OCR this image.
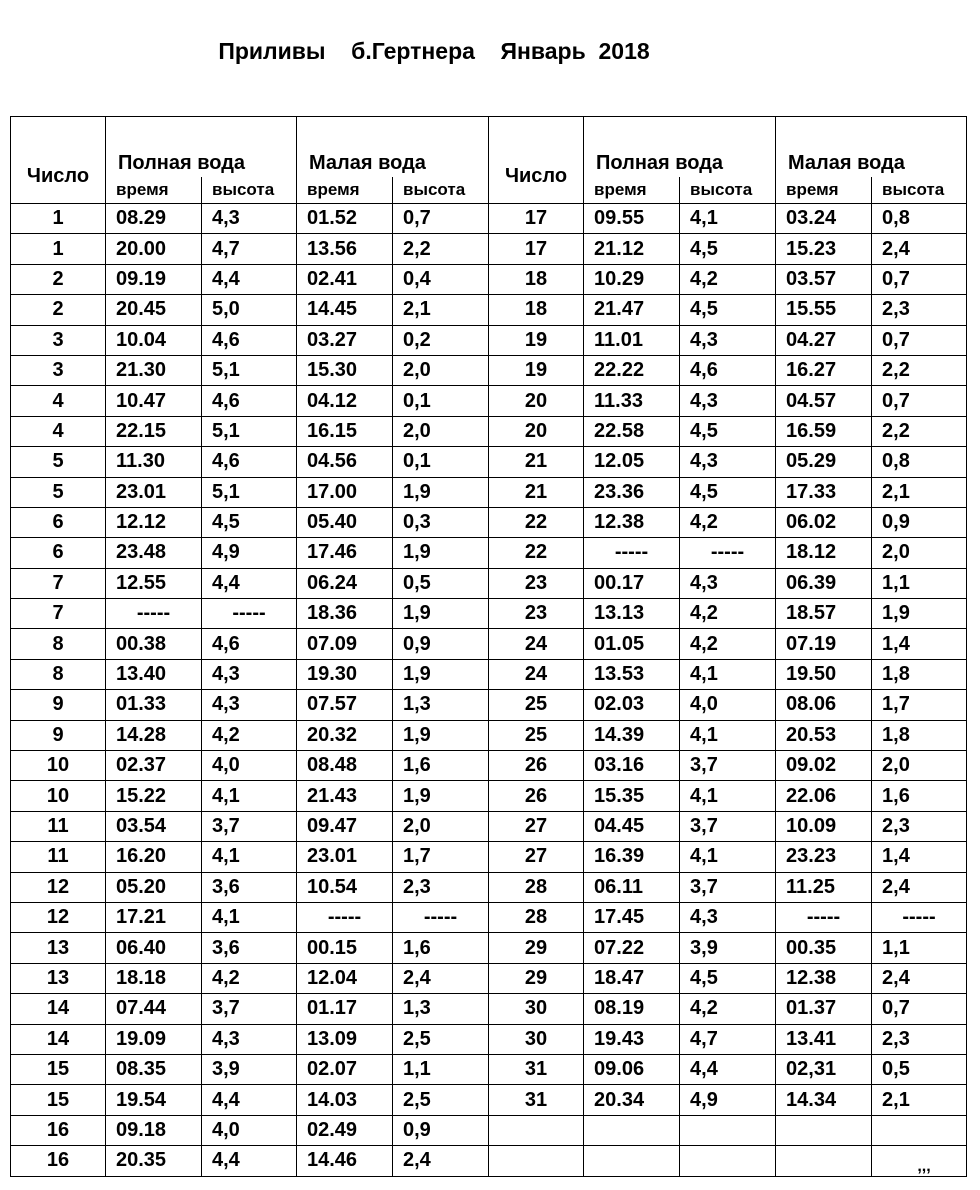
Приливы    б.Гертнера    Январь  2018
Число	Полная вода		Малая вода		Число	Полная вода		Малая вода	
	время	высота	время	высота		время	высота	время	высота
1	08.29	4,3	01.52	0,7	17	09.55	4,1	03.24	0,8
1	20.00	4,7	13.56	2,2	17	21.12	4,5	15.23	2,4
2	09.19	4,4	02.41	0,4	18	10.29	4,2	03.57	0,7
2	20.45	5,0	14.45	2,1	18	21.47	4,5	15.55	2,3
3	10.04	4,6	03.27	0,2	19	11.01	4,3	04.27	0,7
3	21.30	5,1	15.30	2,0	19	22.22	4,6	16.27	2,2
4	10.47	4,6	04.12	0,1	20	11.33	4,3	04.57	0,7
4	22.15	5,1	16.15	2,0	20	22.58	4,5	16.59	2,2
5	11.30	4,6	04.56	0,1	21	12.05	4,3	05.29	0,8
5	23.01	5,1	17.00	1,9	21	23.36	4,5	17.33	2,1
6	12.12	4,5	05.40	0,3	22	12.38	4,2	06.02	0,9
6	23.48	4,9	17.46	1,9	22	-----	-----	18.12	2,0
7	12.55	4,4	06.24	0,5	23	00.17	4,3	06.39	1,1
7	-----	-----	18.36	1,9	23	13.13	4,2	18.57	1,9
8	00.38	4,6	07.09	0,9	24	01.05	4,2	07.19	1,4
8	13.40	4,3	19.30	1,9	24	13.53	4,1	19.50	1,8
9	01.33	4,3	07.57	1,3	25	02.03	4,0	08.06	1,7
9	14.28	4,2	20.32	1,9	25	14.39	4,1	20.53	1,8
10	02.37	4,0	08.48	1,6	26	03.16	3,7	09.02	2,0
10	15.22	4,1	21.43	1,9	26	15.35	4,1	22.06	1,6
11	03.54	3,7	09.47	2,0	27	04.45	3,7	10.09	2,3
11	16.20	4,1	23.01	1,7	27	16.39	4,1	23.23	1,4
12	05.20	3,6	10.54	2,3	28	06.11	3,7	11.25	2,4
12	17.21	4,1	-----	-----	28	17.45	4,3	-----	-----
13	06.40	3,6	00.15	1,6	29	07.22	3,9	00.35	1,1
13	18.18	4,2	12.04	2,4	29	18.47	4,5	12.38	2,4
14	07.44	3,7	01.17	1,3	30	08.19	4,2	01.37	0,7
14	19.09	4,3	13.09	2,5	30	19.43	4,7	13.41	2,3
15	08.35	3,9	02.07	1,1	31	09.06	4,4	02,31	0,5
15	19.54	4,4	14.03	2,5	31	20.34	4,9	14.34	2,1
16	09.18	4,0	02.49	0,9					
16	20.35	4,4	14.46	2,4					,,,
